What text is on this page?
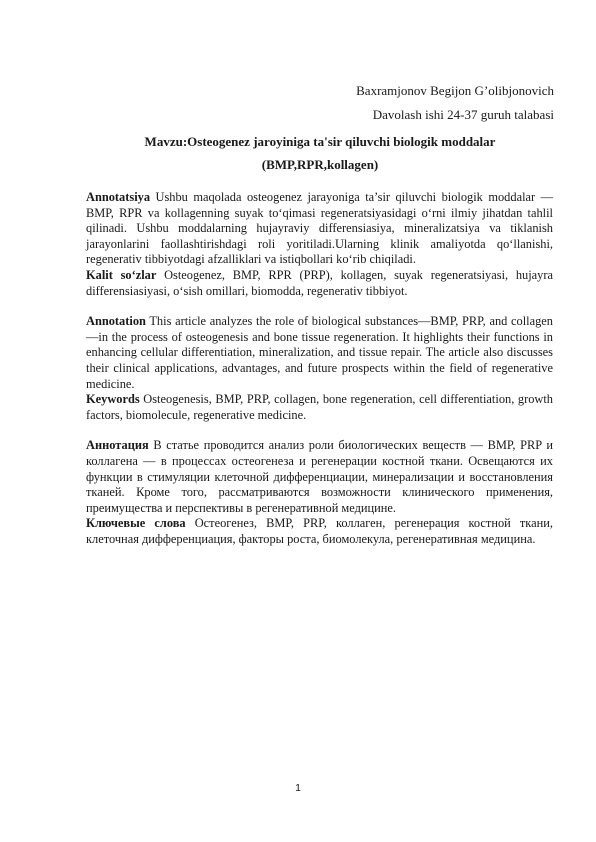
Baxramjonov Begijon G’olibjonovich
Davolash ishi 24-37 guruh talabasi
Mavzu:Osteogenez jaroyiniga ta'sir qiluvchi biologik moddalar
(BMP,RPR,kollagen)

Annotatsiya Ushbu maqolada osteogenez jarayoniga ta’sir qiluvchi biologik moddalar — BMP, RPR va kollagenning suyak to‘qimasi regeneratsiyasidagi o‘rni ilmiy jihatdan tahlil qilinadi. Ushbu moddalarning hujayraviy differensiasiya, mineralizatsiya va tiklanish jarayonlarini faollashtirishdagi roli yoritiladi.Ularning klinik amaliyotda qo‘llanishi, regenerativ tibbiyotdagi afzalliklari va istiqbollari ko‘rib chiqiladi.

Kalit so‘zlar Osteogenez, BMP, RPR (PRP), kollagen, suyak regeneratsiyasi, hujayra differensiasiyasi, o‘sish omillari, biomodda, regenerativ tibbiyot.

Annotation This article analyzes the role of biological substances—BMP, PRP, and collagen—in the process of osteogenesis and bone tissue regeneration. It highlights their functions in enhancing cellular differentiation, mineralization, and tissue repair. The article also discusses their clinical applications, advantages, and future prospects within the field of regenerative medicine.

Keywords Osteogenesis, BMP, PRP, collagen, bone regeneration, cell differentiation, growth factors, biomolecule, regenerative medicine.

Аннотация В статье проводится анализ роли биологических веществ — BMP, PRP и коллагена — в процессах остеогенеза и регенерации костной ткани. Освещаются их функции в стимуляции клеточной дифференциации, минерализации и восстановления тканей. Кроме того, рассматриваются возможности клинического применения, преимущества и перспективы в регенеративной медицине.

Ключевые слова Остеогенез, BMP, PRP, коллаген, регенерация костной ткани, клеточная дифференциация, факторы роста, биомолекула, регенеративная медицина.

1
